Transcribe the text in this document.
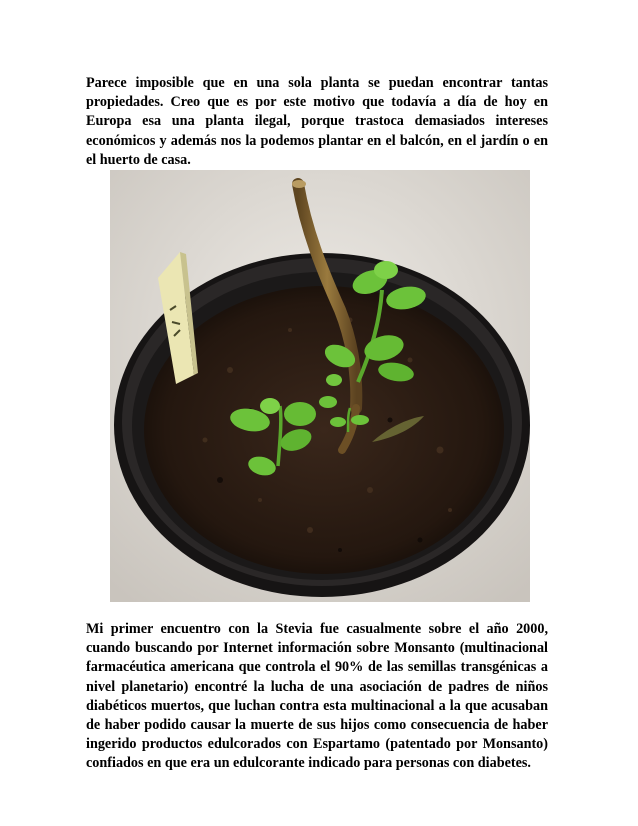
Parece imposible que en una sola planta se puedan encontrar tantas propiedades. Creo que es por este motivo que todavía a día de hoy en Europa esa una planta ilegal, porque trastoca demasiados intereses económicos y además nos la podemos plantar en el balcón, en el jardín o en el huerto de casa.

Mi primer encuentro con la Stevia fue casualmente sobre el año 2000, cuando buscando por Internet información sobre Monsanto (multinacional farmacéutica americana que controla el 90% de las semillas transgénicas a nivel planetario) encontré la lucha de una asociación de padres de niños diabéticos muertos, que luchan contra esta multinacional a la que acusaban de haber podido causar la muerte de sus hijos como consecuencia de haber ingerido productos edulcorados con Espartamo (patentado por Monsanto) confiados en que era un edulcorante indicado para personas con diabetes.
